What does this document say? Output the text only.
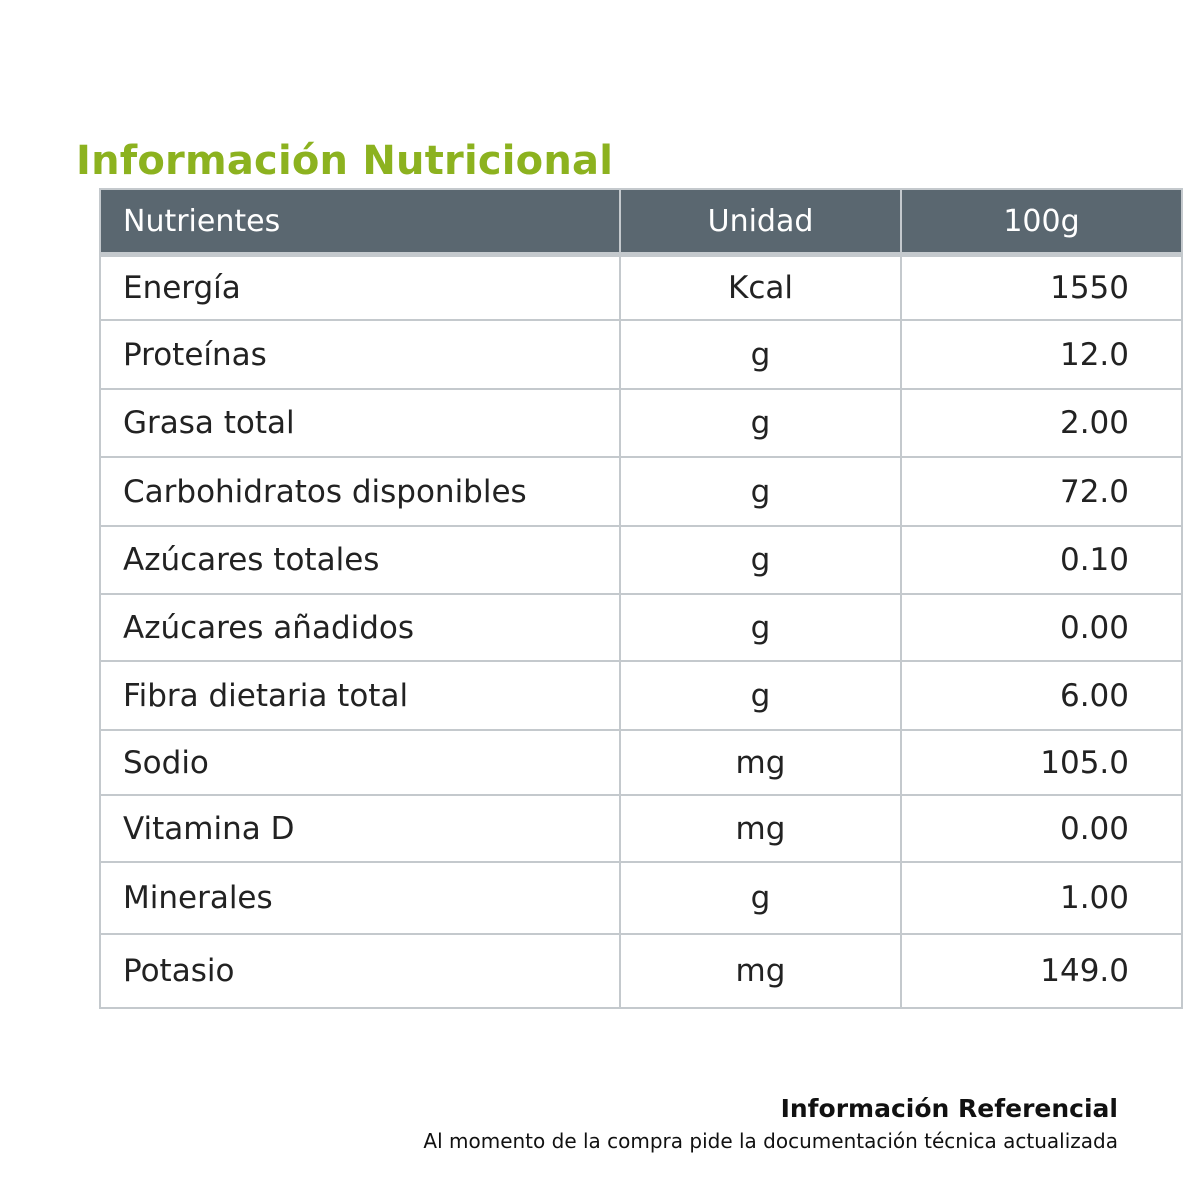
Información Nutricional
Nutrientes	Unidad	100g
Energía	Kcal	1550
Proteínas	g	12.0
Grasa total	g	2.00
Carbohidratos disponibles	g	72.0
Azúcares totales	g	0.10
Azúcares añadidos	g	0.00
Fibra dietaria total	g	6.00
Sodio	mg	105.0
Vitamina D	mg	0.00
Minerales	g	1.00
Potasio	mg	149.0
Información Referencial
Al momento de la compra pide la documentación técnica actualizada
